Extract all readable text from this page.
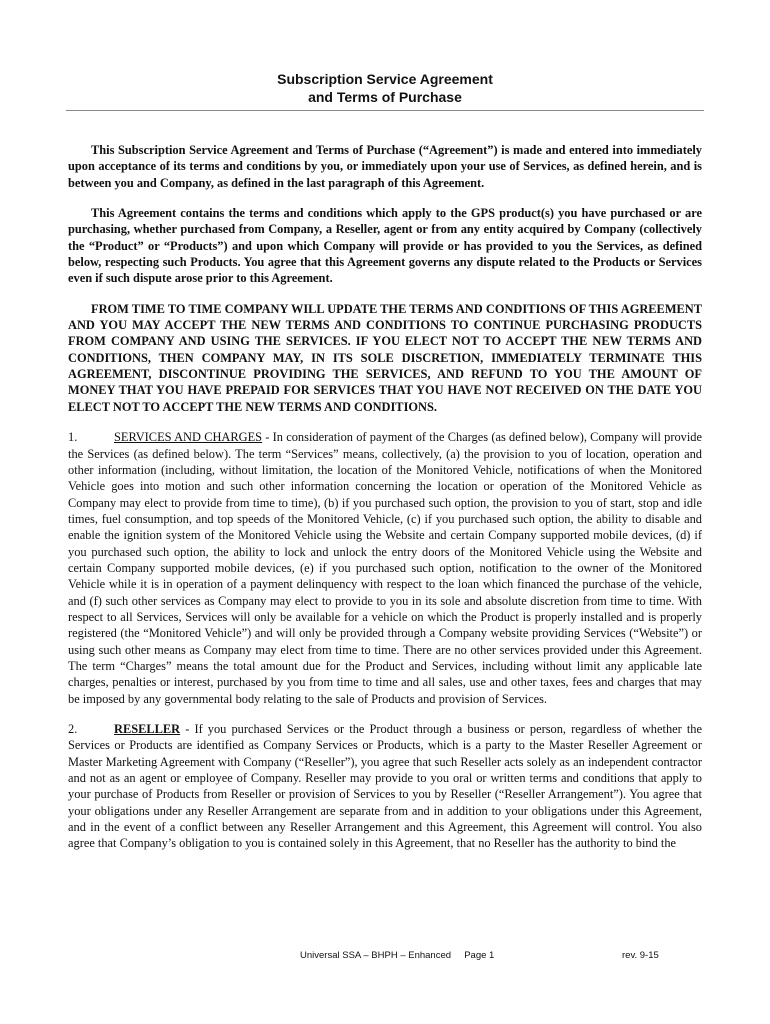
Subscription Service Agreement
and Terms of Purchase

This Subscription Service Agreement and Terms of Purchase (“Agreement”) is made and entered into immediately upon acceptance of its terms and conditions by you, or immediately upon your use of Services, as defined herein, and is between you and Company, as defined in the last paragraph of this Agreement.

This Agreement contains the terms and conditions which apply to the GPS product(s) you have purchased or are purchasing, whether purchased from Company, a Reseller, agent or from any entity acquired by Company (collectively the “Product” or “Products”) and upon which Company will provide or has provided to you the Services, as defined below, respecting such Products. You agree that this Agreement governs any dispute related to the Products or Services even if such dispute arose prior to this Agreement.

FROM TIME TO TIME COMPANY WILL UPDATE THE TERMS AND CONDITIONS OF THIS AGREEMENT AND YOU MAY ACCEPT THE NEW TERMS AND CONDITIONS TO CONTINUE PURCHASING PRODUCTS FROM COMPANY AND USING THE SERVICES. IF YOU ELECT NOT TO ACCEPT THE NEW TERMS AND CONDITIONS, THEN COMPANY MAY, IN ITS SOLE DISCRETION, IMMEDIATELY TERMINATE THIS AGREEMENT, DISCONTINUE PROVIDING THE SERVICES, AND REFUND TO YOU THE AMOUNT OF MONEY THAT YOU HAVE PREPAID FOR SERVICES THAT YOU HAVE NOT RECEIVED ON THE DATE YOU ELECT NOT TO ACCEPT THE NEW TERMS AND CONDITIONS.

1.	SERVICES AND CHARGES - In consideration of payment of the Charges (as defined below), Company will provide the Services (as defined below). The term “Services” means, collectively, (a) the provision to you of location, operation and other information (including, without limitation, the location of the Monitored Vehicle, notifications of when the Monitored Vehicle goes into motion and such other information concerning the location or operation of the Monitored Vehicle as Company may elect to provide from time to time), (b) if you purchased such option, the provision to you of start, stop and idle times, fuel consumption, and top speeds of the Monitored Vehicle, (c) if you purchased such option, the ability to disable and enable the ignition system of the Monitored Vehicle using the Website and certain Company supported mobile devices, (d) if you purchased such option, the ability to lock and unlock the entry doors of the Monitored Vehicle using the Website and certain Company supported mobile devices, (e) if you purchased such option, notification to the owner of the Monitored Vehicle while it is in operation of a payment delinquency with respect to the loan which financed the purchase of the vehicle, and (f) such other services as Company may elect to provide to you in its sole and absolute discretion from time to time. With respect to all Services, Services will only be available for a vehicle on which the Product is properly installed and is properly registered (the “Monitored Vehicle”) and will only be provided through a Company website providing Services (“Website”) or using such other means as Company may elect from time to time. There are no other services provided under this Agreement. The term “Charges” means the total amount due for the Product and Services, including without limit any applicable late charges, penalties or interest, purchased by you from time to time and all sales, use and other taxes, fees and charges that may be imposed by any governmental body relating to the sale of Products and provision of Services.

2.	RESELLER - If you purchased Services or the Product through a business or person, regardless of whether the Services or Products are identified as Company Services or Products, which is a party to the Master Reseller Agreement or Master Marketing Agreement with Company (“Reseller”), you agree that such Reseller acts solely as an independent contractor and not as an agent or employee of Company. Reseller may provide to you oral or written terms and conditions that apply to your purchase of Products from Reseller or provision of Services to you by Reseller (“Reseller Arrangement”). You agree that your obligations under any Reseller Arrangement are separate from and in addition to your obligations under this Agreement, and in the event of a conflict between any Reseller Arrangement and this Agreement, this Agreement will control. You also agree that Company’s obligation to you is contained solely in this Agreement, that no Reseller has the authority to bind the

Universal SSA – BHPH – Enhanced     Page 1	rev. 9-15
